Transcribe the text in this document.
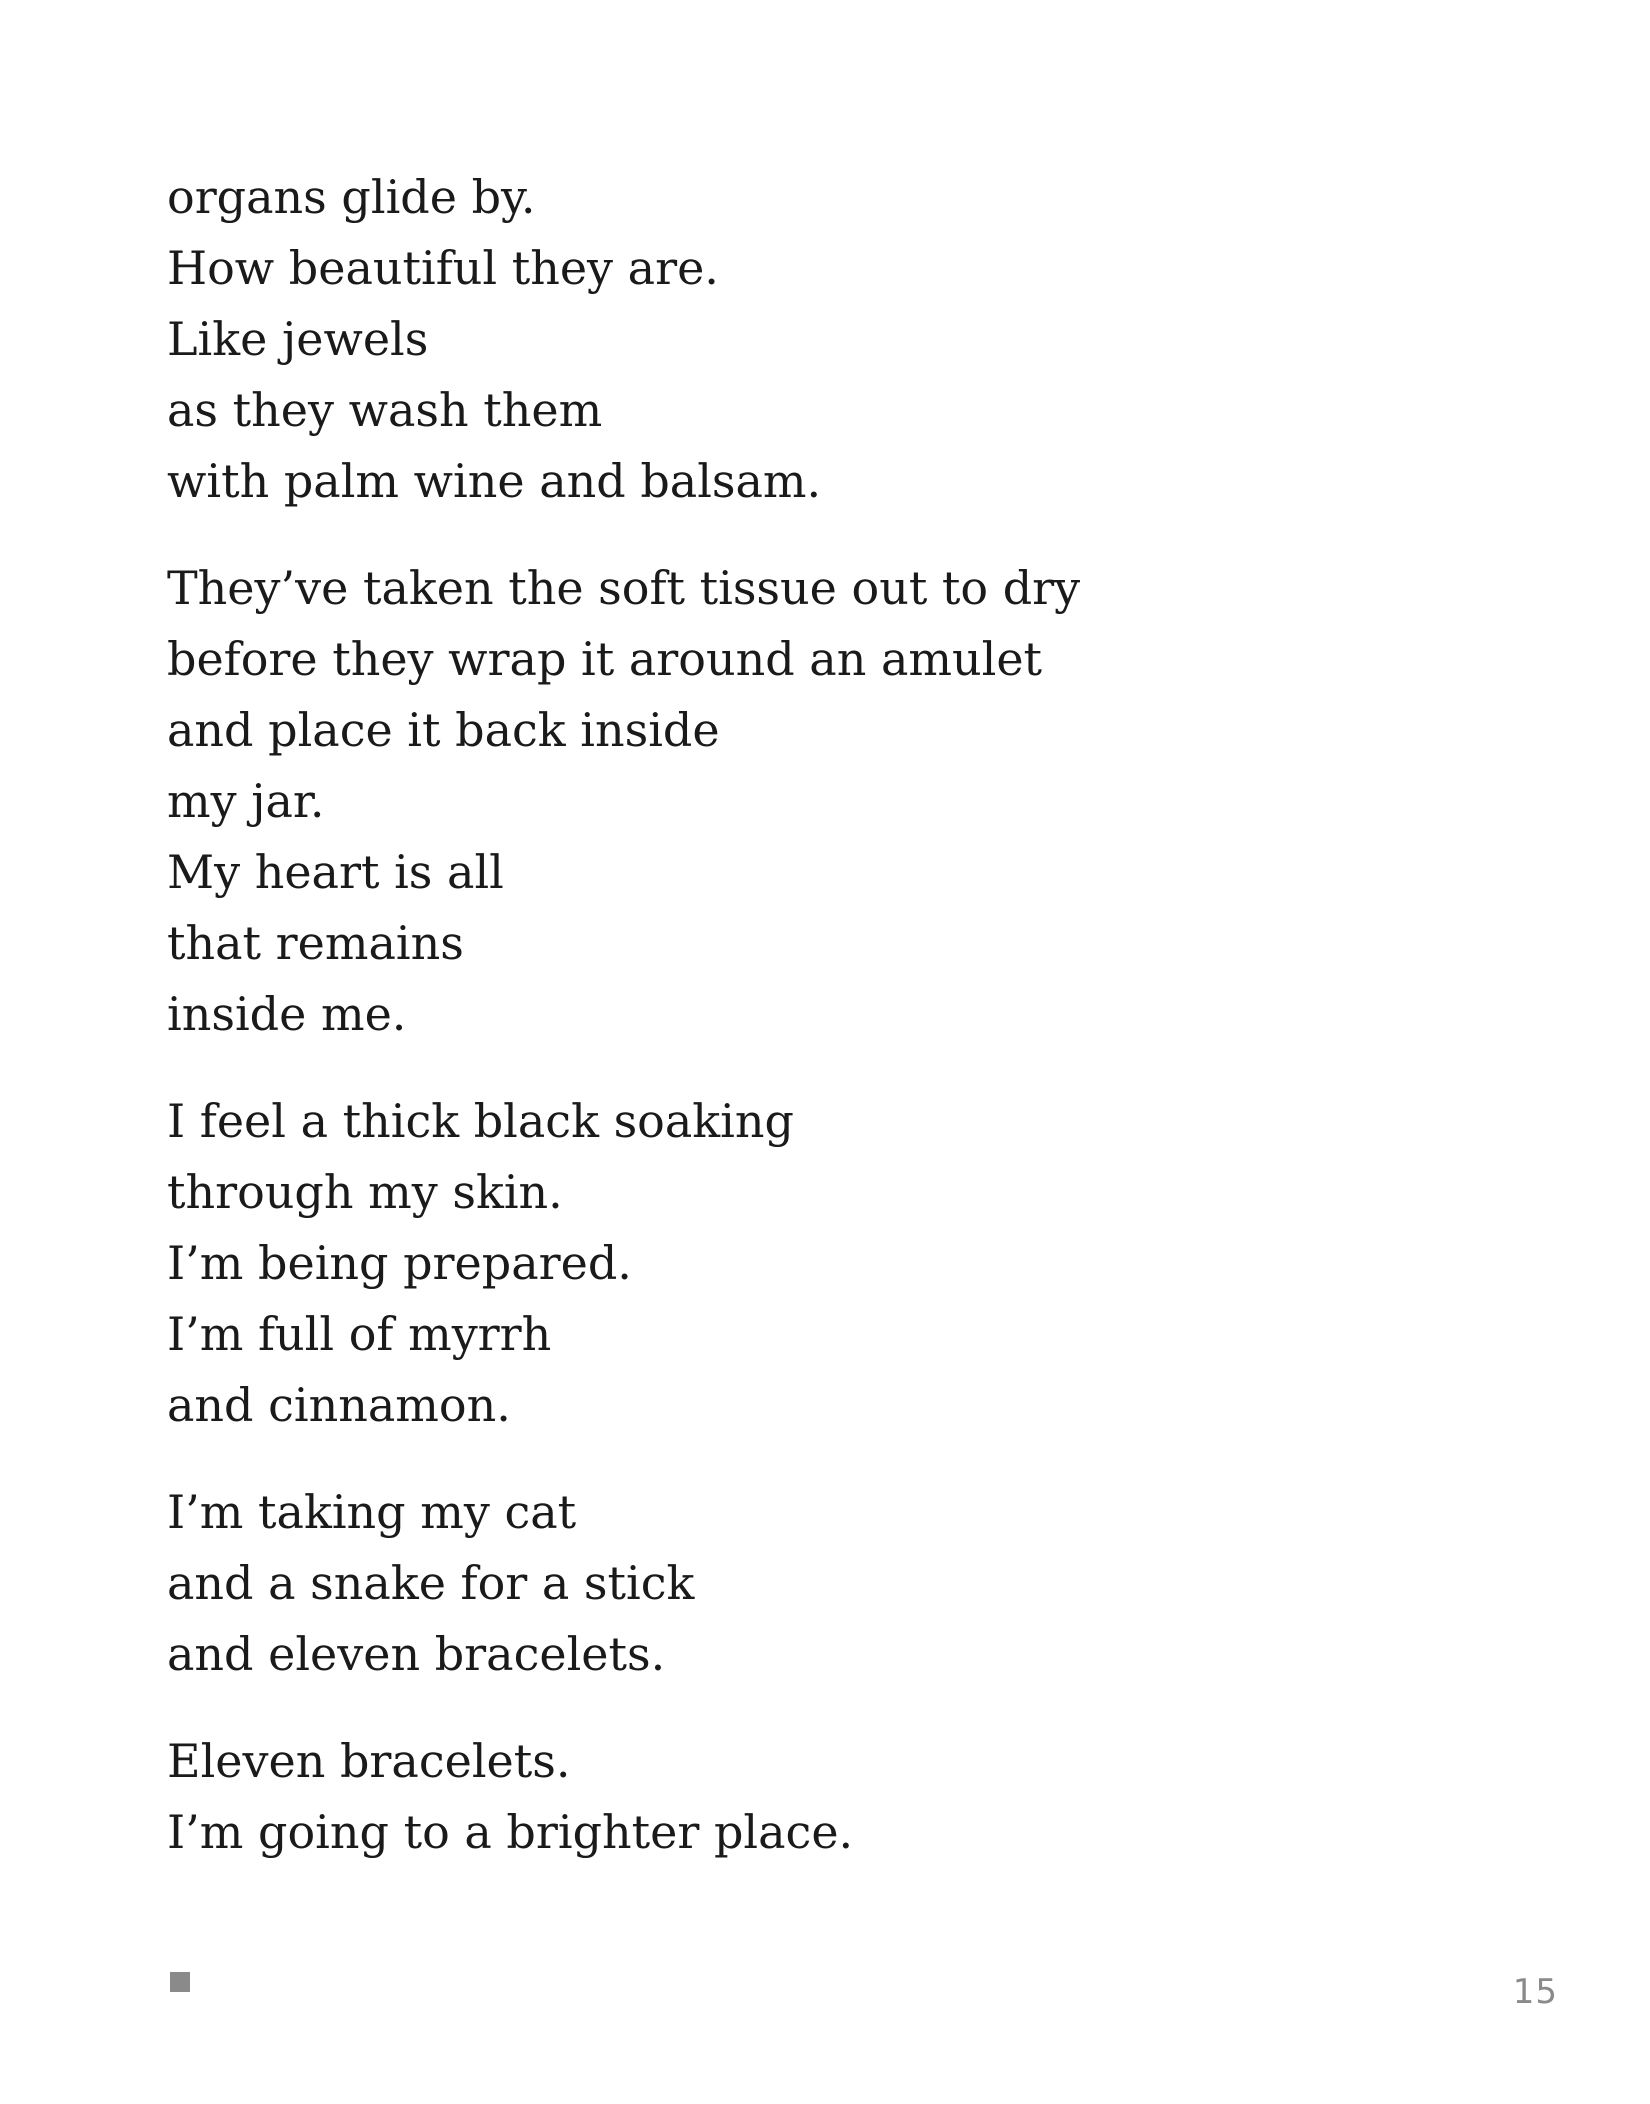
organs glide by.
How beautiful they are.
Like jewels
as they wash them
with palm wine and balsam.
They’ve taken the soft tissue out to dry
before they wrap it around an amulet
and place it back inside
my jar.
My heart is all
that remains
inside me.
I feel a thick black soaking
through my skin.
I’m being prepared.
I’m full of myrrh
and cinnamon.
I’m taking my cat
and a snake for a stick
and eleven bracelets.
Eleven bracelets.
I’m going to a brighter place.
15
